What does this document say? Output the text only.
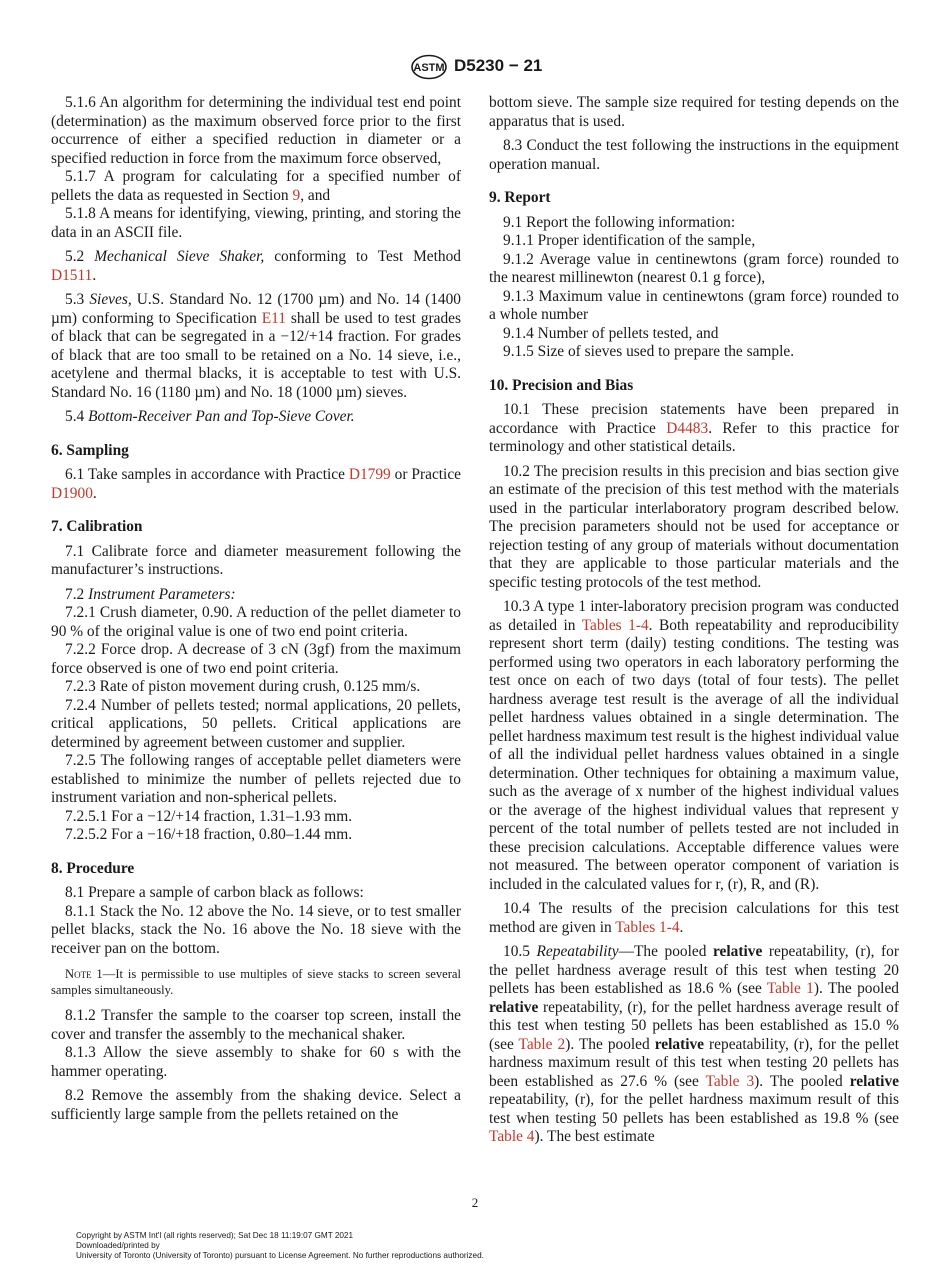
ASTM D5230 − 21

5.1.6 An algorithm for determining the individual test end point (determination) as the maximum observed force prior to the first occurrence of either a specified reduction in diameter or a specified reduction in force from the maximum force observed,

5.1.7 A program for calculating for a specified number of pellets the data as requested in Section 9, and

5.1.8 A means for identifying, viewing, printing, and storing the data in an ASCII file.

5.2 Mechanical Sieve Shaker, conforming to Test Method D1511.

5.3 Sieves, U.S. Standard No. 12 (1700 µm) and No. 14 (1400 µm) conforming to Specification E11 shall be used to test grades of black that can be segregated in a −12/+14 fraction. For grades of black that are too small to be retained on a No. 14 sieve, i.e., acetylene and thermal blacks, it is acceptable to test with U.S. Standard No. 16 (1180 µm) and No. 18 (1000 µm) sieves.

5.4 Bottom-Receiver Pan and Top-Sieve Cover.

6. Sampling

6.1 Take samples in accordance with Practice D1799 or Practice D1900.

7. Calibration

7.1 Calibrate force and diameter measurement following the manufacturer’s instructions.

7.2 Instrument Parameters:

7.2.1 Crush diameter, 0.90. A reduction of the pellet diameter to 90 % of the original value is one of two end point criteria.

7.2.2 Force drop. A decrease of 3 cN (3gf) from the maximum force observed is one of two end point criteria.

7.2.3 Rate of piston movement during crush, 0.125 mm/s.

7.2.4 Number of pellets tested; normal applications, 20 pellets, critical applications, 50 pellets. Critical applications are determined by agreement between customer and supplier.

7.2.5 The following ranges of acceptable pellet diameters were established to minimize the number of pellets rejected due to instrument variation and non-spherical pellets.

7.2.5.1 For a −12/+14 fraction, 1.31–1.93 mm.

7.2.5.2 For a −16/+18 fraction, 0.80–1.44 mm.

8. Procedure

8.1 Prepare a sample of carbon black as follows:

8.1.1 Stack the No. 12 above the No. 14 sieve, or to test smaller pellet blacks, stack the No. 16 above the No. 18 sieve with the receiver pan on the bottom.

Note 1—It is permissible to use multiples of sieve stacks to screen several samples simultaneously.

8.1.2 Transfer the sample to the coarser top screen, install the cover and transfer the assembly to the mechanical shaker.

8.1.3 Allow the sieve assembly to shake for 60 s with the hammer operating.

8.2 Remove the assembly from the shaking device. Select a sufficiently large sample from the pellets retained on the

bottom sieve. The sample size required for testing depends on the apparatus that is used.

8.3 Conduct the test following the instructions in the equipment operation manual.

9. Report

9.1 Report the following information:

9.1.1 Proper identification of the sample,

9.1.2 Average value in centinewtons (gram force) rounded to the nearest millinewton (nearest 0.1 g force),

9.1.3 Maximum value in centinewtons (gram force) rounded to a whole number

9.1.4 Number of pellets tested, and

9.1.5 Size of sieves used to prepare the sample.

10. Precision and Bias

10.1 These precision statements have been prepared in accordance with Practice D4483. Refer to this practice for terminology and other statistical details.

10.2 The precision results in this precision and bias section give an estimate of the precision of this test method with the materials used in the particular interlaboratory program described below. The precision parameters should not be used for acceptance or rejection testing of any group of materials without documentation that they are applicable to those particular materials and the specific testing protocols of the test method.

10.3 A type 1 inter-laboratory precision program was conducted as detailed in Tables 1-4. Both repeatability and reproducibility represent short term (daily) testing conditions. The testing was performed using two operators in each laboratory performing the test once on each of two days (total of four tests). The pellet hardness average test result is the average of all the individual pellet hardness values obtained in a single determination. The pellet hardness maximum test result is the highest individual value of all the individual pellet hardness values obtained in a single determination. Other techniques for obtaining a maximum value, such as the average of x number of the highest individual values or the average of the highest individual values that represent y percent of the total number of pellets tested are not included in these precision calculations. Acceptable difference values were not measured. The between operator component of variation is included in the calculated values for r, (r), R, and (R).

10.4 The results of the precision calculations for this test method are given in Tables 1-4.

10.5 Repeatability—The pooled relative repeatability, (r), for the pellet hardness average result of this test when testing 20 pellets has been established as 18.6 % (see Table 1). The pooled relative repeatability, (r), for the pellet hardness average result of this test when testing 50 pellets has been established as 15.0 % (see Table 2). The pooled relative repeatability, (r), for the pellet hardness maximum result of this test when testing 20 pellets has been established as 27.6 % (see Table 3). The pooled relative repeatability, (r), for the pellet hardness maximum result of this test when testing 50 pellets has been established as 19.8 % (see Table 4). The best estimate

2
Copyright by ASTM Int'l (all rights reserved); Sat Dec 18 11:19:07 GMT 2021
Downloaded/printed by
University of Toronto (University of Toronto) pursuant to License Agreement. No further reproductions authorized.
